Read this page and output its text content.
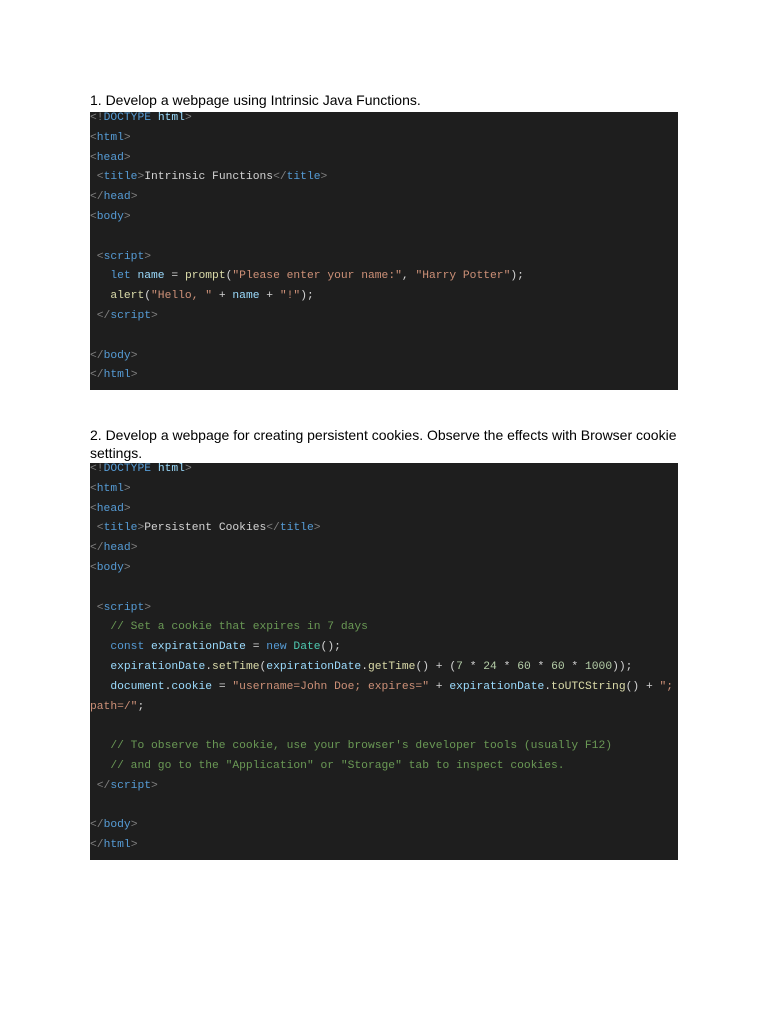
1. Develop a webpage using Intrinsic Java Functions.
<!DOCTYPE html>
<html>
<head>
<title>Intrinsic Functions</title>
</head>
<body>
<script>
let name = prompt("Please enter your name:", "Harry Potter");
alert("Hello, " + name + "!");
</script>
</body>
</html>
2. Develop a webpage for creating persistent cookies. Observe the effects with Browser cookie settings.
<!DOCTYPE html>
<html>
<head>
<title>Persistent Cookies</title>
</head>
<body>
<script>
// Set a cookie that expires in 7 days
const expirationDate = new Date();
expirationDate.setTime(expirationDate.getTime() + (7 * 24 * 60 * 60 * 1000));
document.cookie = "username=John Doe; expires=" + expirationDate.toUTCString() + ";
path=/";
// To observe the cookie, use your browser's developer tools (usually F12)
// and go to the "Application" or "Storage" tab to inspect cookies.
</script>
</body>
</html>
